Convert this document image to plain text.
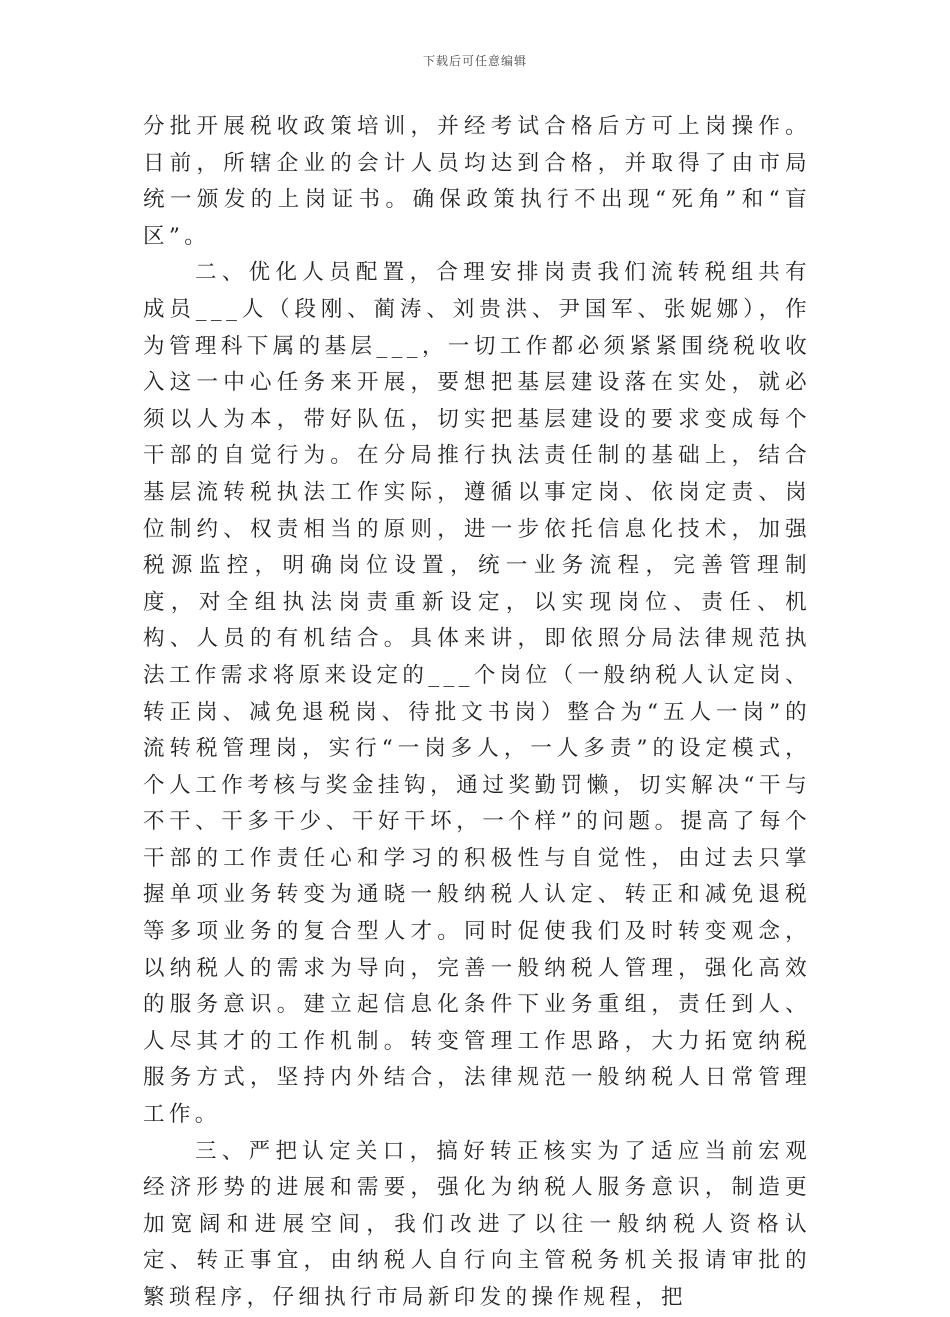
下载后可任意编辑

分批开展税收政策培训，并经考试合格后方可上岗操作。日前，所辖企业的会计人员均达到合格，并取得了由市局统一颁发的上岗证书。确保政策执行不出现“死角”和“盲区”。

二、优化人员配置，合理安排岗责我们流转税组共有成员___人（段刚、蔺涛、刘贵洪、尹国军、张妮娜），作为管理科下属的基层___，一切工作都必须紧紧围绕税收收入这一中心任务来开展，要想把基层建设落在实处，就必须以人为本，带好队伍，切实把基层建设的要求变成每个干部的自觉行为。在分局推行执法责任制的基础上，结合基层流转税执法工作实际，遵循以事定岗、依岗定责、岗位制约、权责相当的原则，进一步依托信息化技术，加强税源监控，明确岗位设置，统一业务流程，完善管理制度，对全组执法岗责重新设定，以实现岗位、责任、机构、人员的有机结合。具体来讲，即依照分局法律规范执法工作需求将原来设定的___个岗位（一般纳税人认定岗、转正岗、减免退税岗、待批文书岗）整合为“五人一岗”的流转税管理岗，实行“一岗多人，一人多责”的设定模式，个人工作考核与奖金挂钩，通过奖勤罚懒，切实解决“干与不干、干多干少、干好干坏，一个样”的问题。提高了每个干部的工作责任心和学习的积极性与自觉性，由过去只掌握单项业务转变为通晓一般纳税人认定、转正和减免退税等多项业务的复合型人才。同时促使我们及时转变观念，以纳税人的需求为导向，完善一般纳税人管理，强化高效的服务意识。建立起信息化条件下业务重组，责任到人、人尽其才的工作机制。转变管理工作思路，大力拓宽纳税服务方式，坚持内外结合，法律规范一般纳税人日常管理工作。

三、严把认定关口，搞好转正核实为了适应当前宏观经济形势的进展和需要，强化为纳税人服务意识，制造更加宽阔和进展空间，我们改进了以往一般纳税人资格认定、转正事宜，由纳税人自行向主管税务机关报请审批的繁琐程序，仔细执行市局新印发的操作规程，把
